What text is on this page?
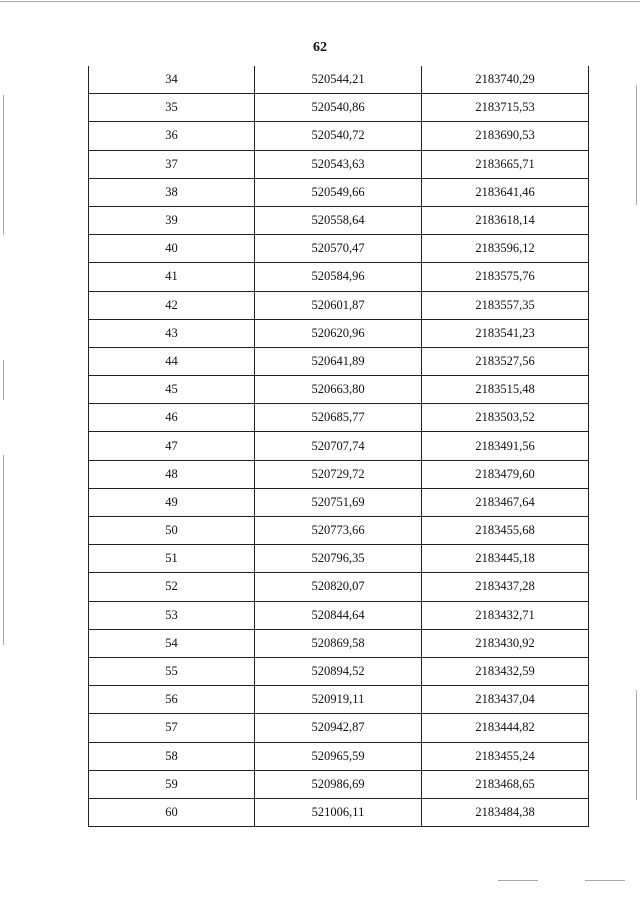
62
34	520544,21	2183740,29
35	520540,86	2183715,53
36	520540,72	2183690,53
37	520543,63	2183665,71
38	520549,66	2183641,46
39	520558,64	2183618,14
40	520570,47	2183596,12
41	520584,96	2183575,76
42	520601,87	2183557,35
43	520620,96	2183541,23
44	520641,89	2183527,56
45	520663,80	2183515,48
46	520685,77	2183503,52
47	520707,74	2183491,56
48	520729,72	2183479,60
49	520751,69	2183467,64
50	520773,66	2183455,68
51	520796,35	2183445,18
52	520820,07	2183437,28
53	520844,64	2183432,71
54	520869,58	2183430,92
55	520894,52	2183432,59
56	520919,11	2183437,04
57	520942,87	2183444,82
58	520965,59	2183455,24
59	520986,69	2183468,65
60	521006,11	2183484,38
